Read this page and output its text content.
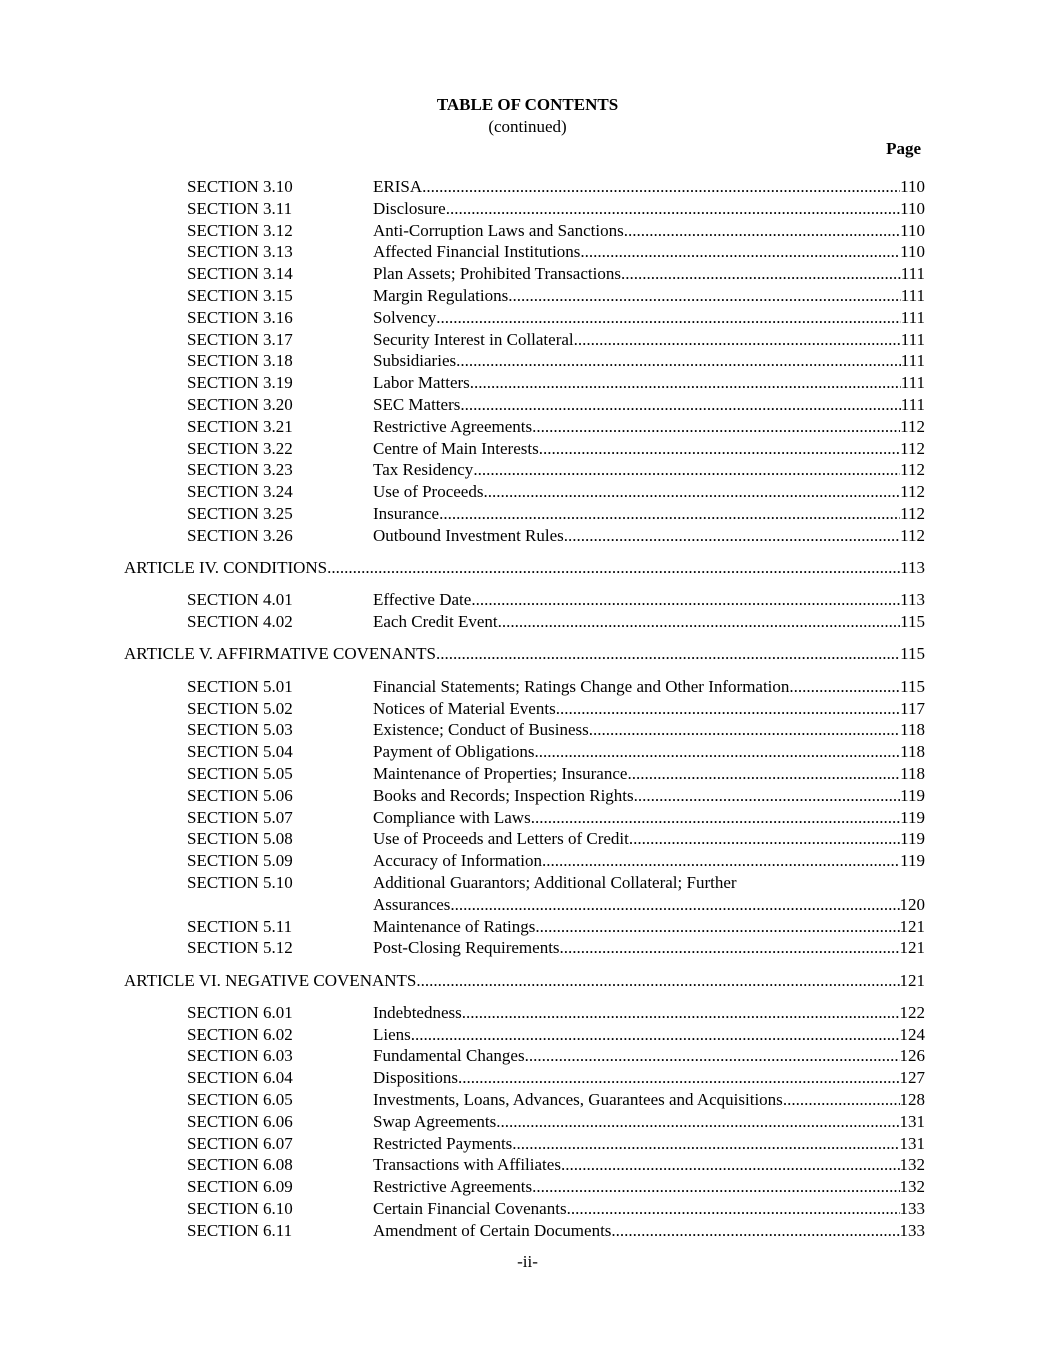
TABLE OF CONTENTS
(continued)
Page
SECTION 3.10	ERISA .....	110
SECTION 3.11	Disclosure. .....	110
SECTION 3.12	Anti-Corruption Laws and Sanctions .....	110
SECTION 3.13	Affected Financial Institutions .....	110
SECTION 3.14	Plan Assets; Prohibited Transactions .....	111
SECTION 3.15	Margin Regulations .....	111
SECTION 3.16	Solvency .....	111
SECTION 3.17	Security Interest in Collateral .....	111
SECTION 3.18	Subsidiaries .....	111
SECTION 3.19	Labor Matters .....	111
SECTION 3.20	SEC Matters .....	111
SECTION 3.21	Restrictive Agreements .....	112
SECTION 3.22	Centre of Main Interests .....	112
SECTION 3.23	Tax Residency .....	112
SECTION 3.24	Use of Proceeds .....	112
SECTION 3.25	Insurance .....	112
SECTION 3.26	Outbound Investment Rules .....	112
ARTICLE IV. CONDITIONS .....	113
SECTION 4.01	Effective Date .....	113
SECTION 4.02	Each Credit Event .....	115
ARTICLE V. AFFIRMATIVE COVENANTS .....	115
SECTION 5.01	Financial Statements; Ratings Change and Other Information .....	115
SECTION 5.02	Notices of Material Events .....	117
SECTION 5.03	Existence; Conduct of Business .....	118
SECTION 5.04	Payment of Obligations .....	118
SECTION 5.05	Maintenance of Properties; Insurance .....	118
SECTION 5.06	Books and Records; Inspection Rights .....	119
SECTION 5.07	Compliance with Laws .....	119
SECTION 5.08	Use of Proceeds and Letters of Credit .....	119
SECTION 5.09	Accuracy of Information .....	119
SECTION 5.10	Additional Guarantors; Additional Collateral; Further
Assurances. .....	120
SECTION 5.11	Maintenance of Ratings .....	121
SECTION 5.12	Post-Closing Requirements .....	121
ARTICLE VI. NEGATIVE COVENANTS .....	121
SECTION 6.01	Indebtedness .....	122
SECTION 6.02	Liens .....	124
SECTION 6.03	Fundamental Changes .....	126
SECTION 6.04	Dispositions .....	127
SECTION 6.05	Investments, Loans, Advances, Guarantees and Acquisitions .....	128
SECTION 6.06	Swap Agreements .....	131
SECTION 6.07	Restricted Payments .....	131
SECTION 6.08	Transactions with Affiliates .....	132
SECTION 6.09	Restrictive Agreements .....	132
SECTION 6.10	Certain Financial Covenants. .....	133
SECTION 6.11	Amendment of Certain Documents. .....	133
-ii-
